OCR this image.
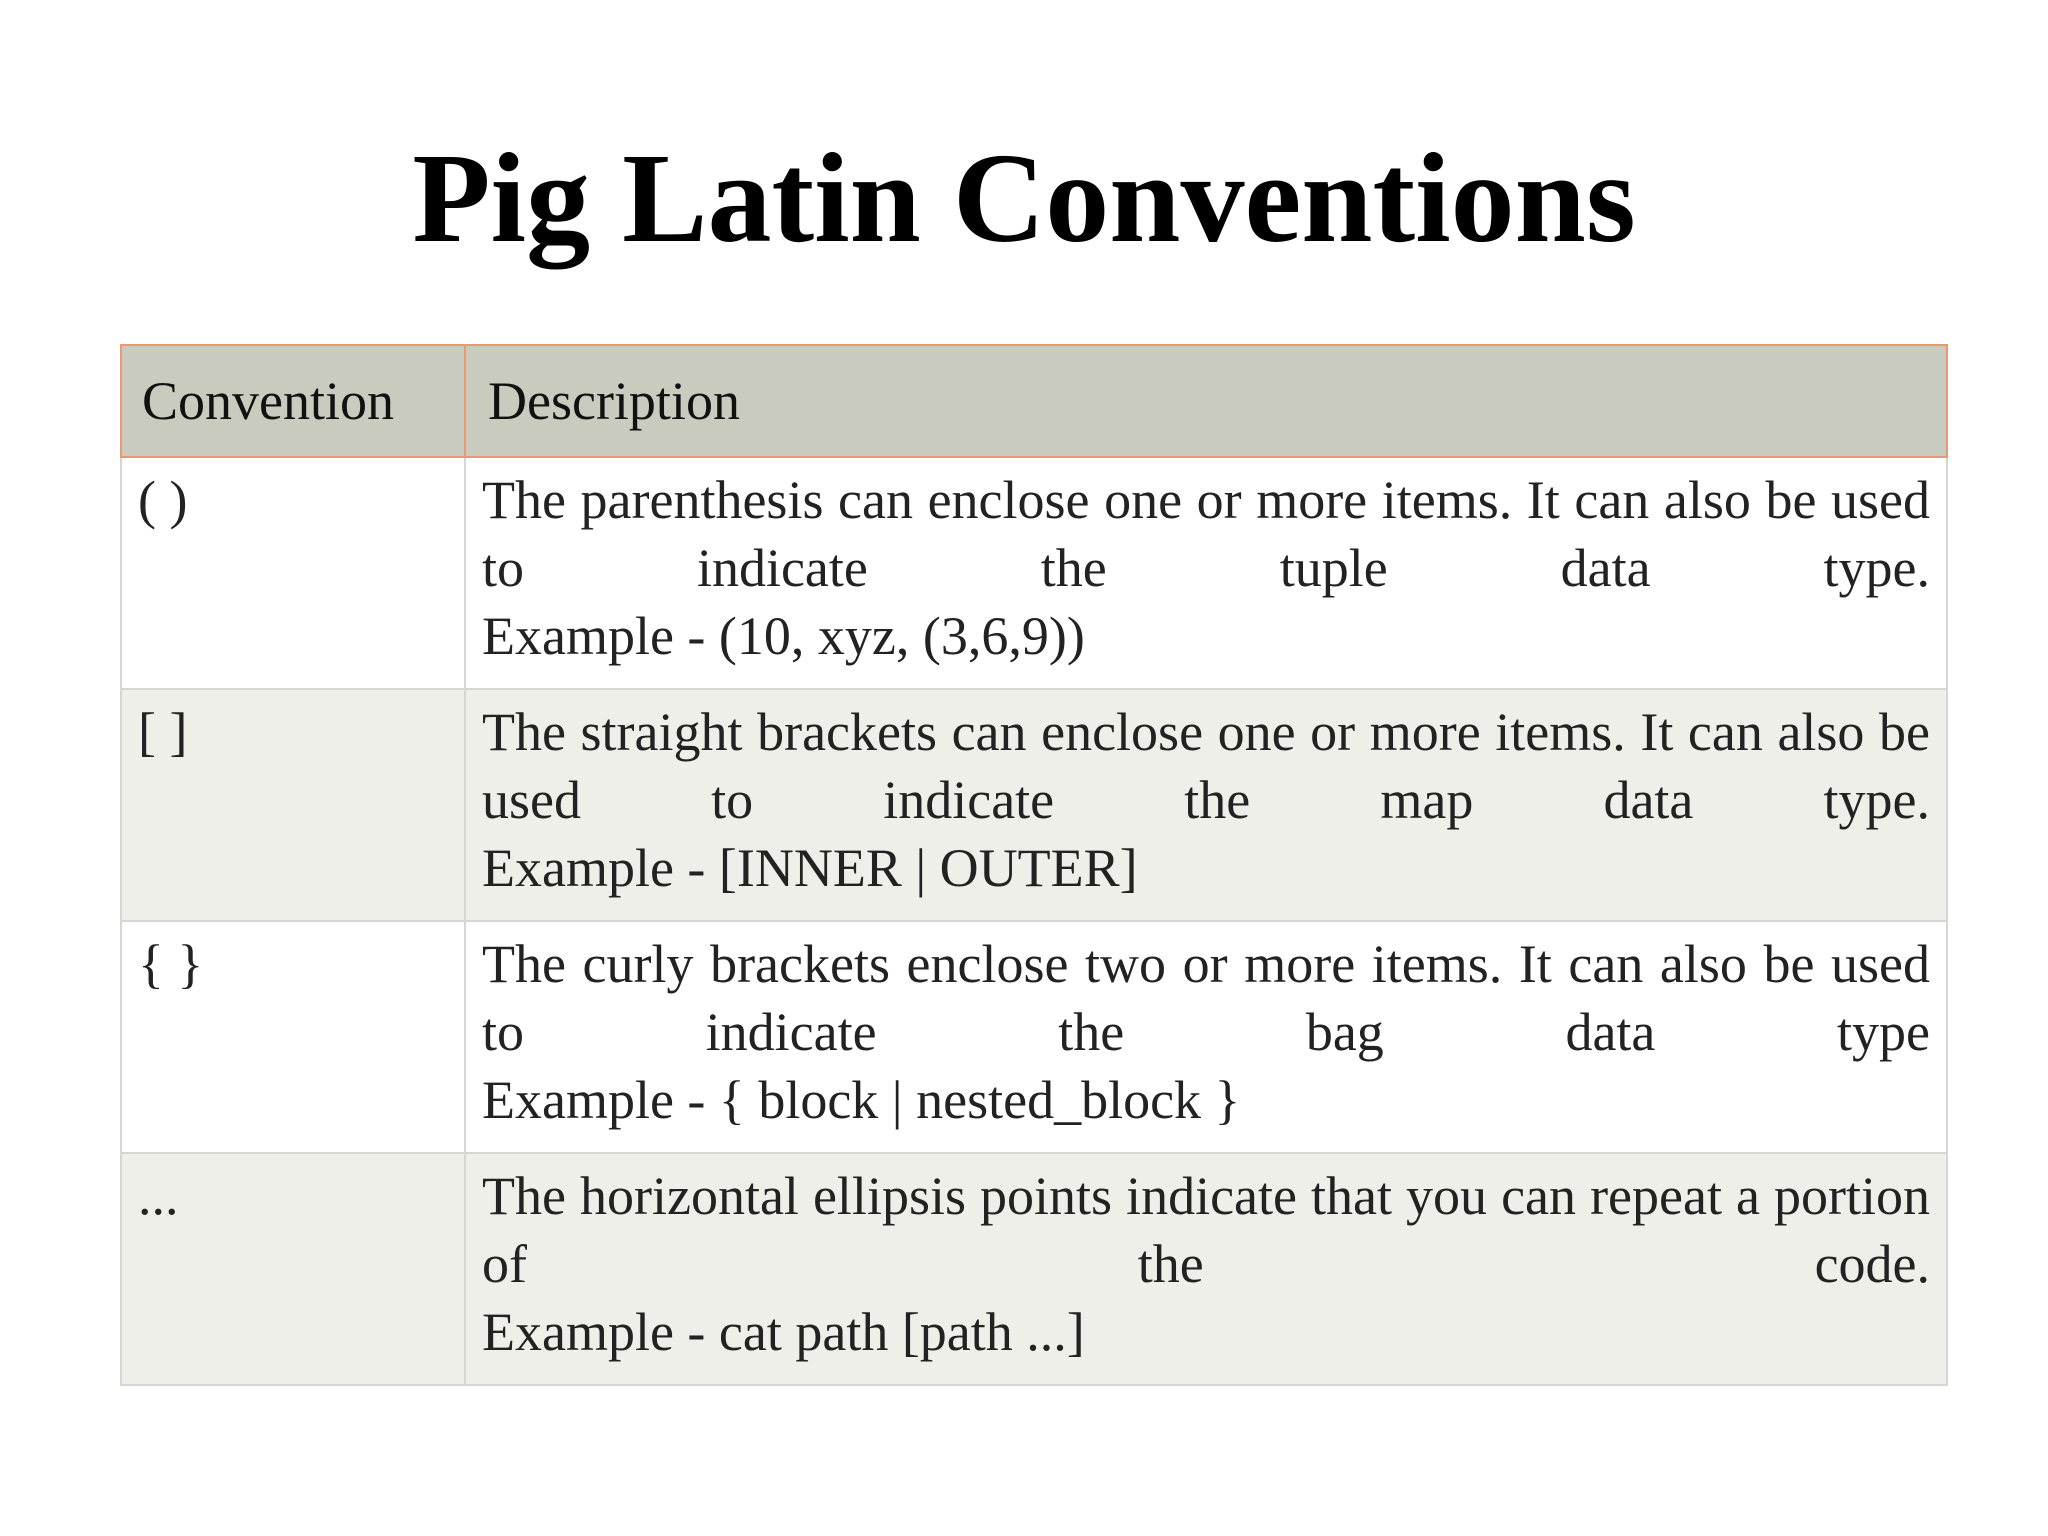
Pig Latin Conventions
Convention	Description

( )	The parenthesis can enclose one or more items. It can also be used to indicate the tuple data type.
Example - (10, xyz, (3,6,9))

[ ]	The straight brackets can enclose one or more items. It can also be used to indicate the map data type.
Example - [INNER | OUTER]

{ }	The curly brackets enclose two or more items. It can also be used to indicate the bag data type
Example - { block | nested_block }

...	The horizontal ellipsis points indicate that you can repeat a portion of the code.
Example - cat path [path ...]
